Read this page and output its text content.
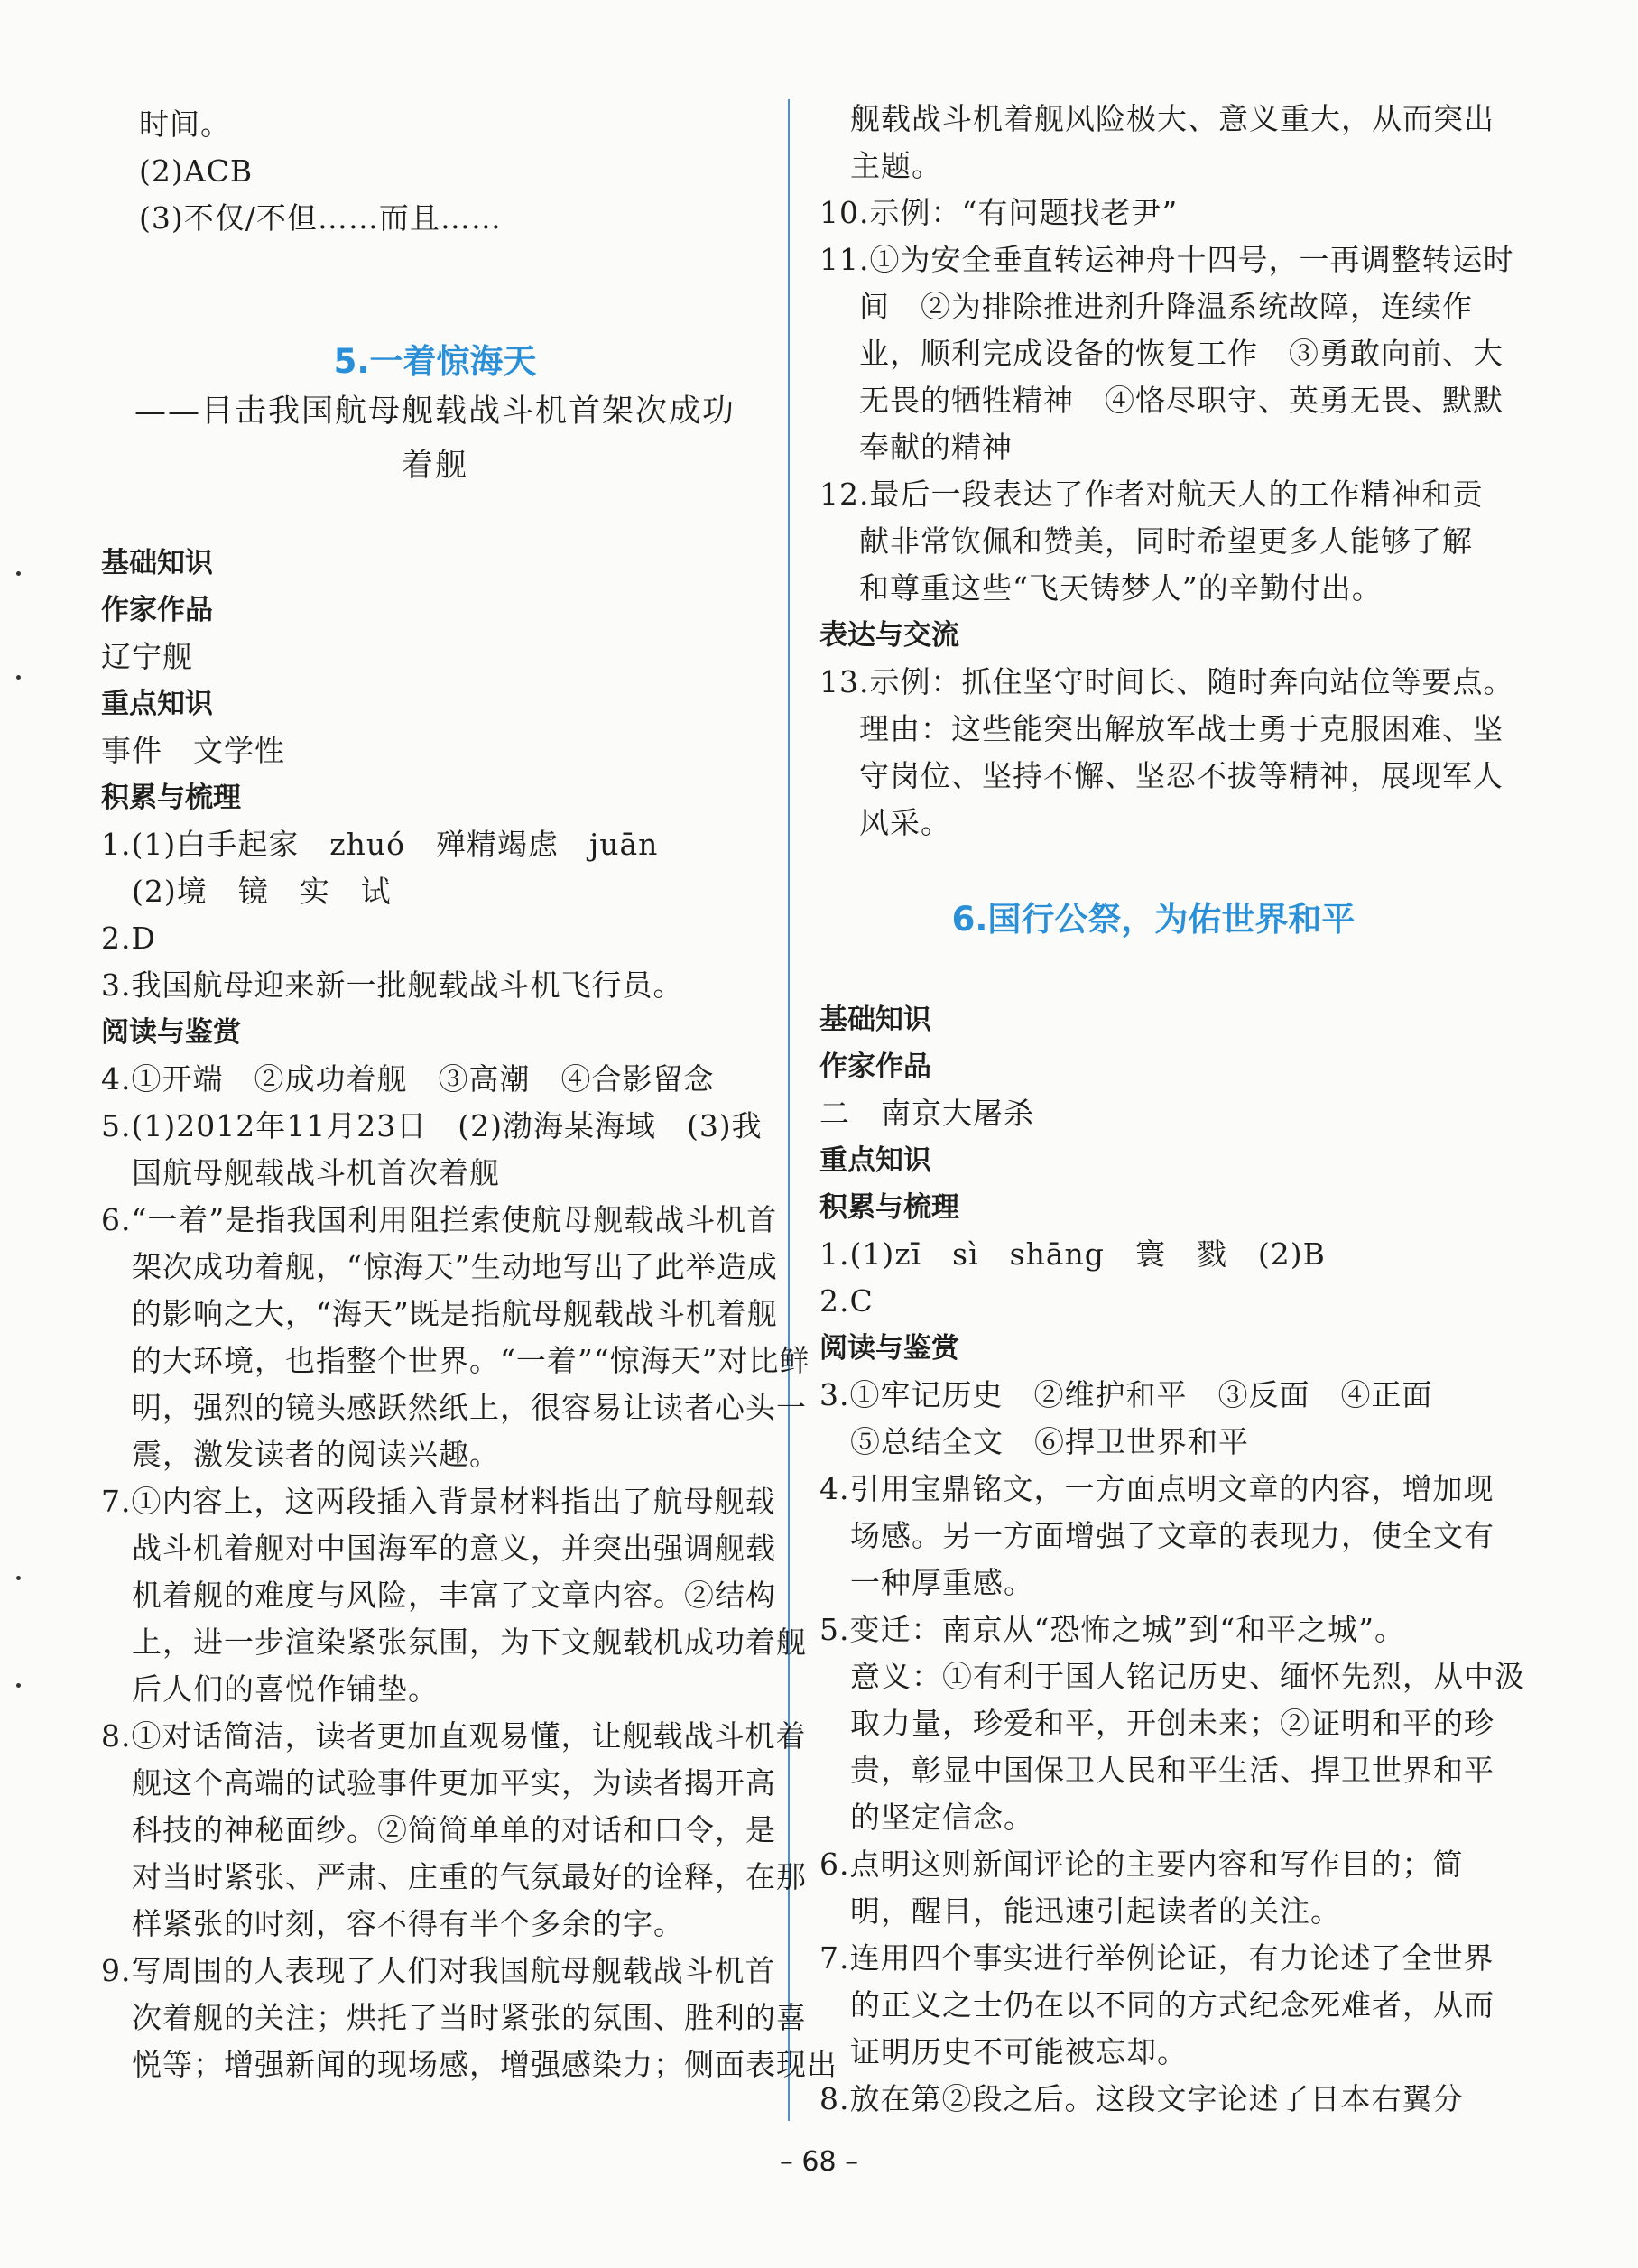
时间。
(2)ACB
(3)不仅/不但……而且……
5.一着惊海天
——目击我国航母舰载战斗机首架次成功
着舰
基础知识
作家作品
辽宁舰
重点知识
事件　文学性
积累与梳理
1.(1)白手起家　zhuó　殚精竭虑　juān
(2)境　镜　实　试
2.D
3.我国航母迎来新一批舰载战斗机飞行员。
阅读与鉴赏
4.①开端　②成功着舰　③高潮　④合影留念
5.(1)2012年11月23日　(2)渤海某海域　(3)我
国航母舰载战斗机首次着舰
6.“一着”是指我国利用阻拦索使航母舰载战斗机首
架次成功着舰，“惊海天”生动地写出了此举造成
的影响之大，“海天”既是指航母舰载战斗机着舰
的大环境，也指整个世界。“一着”“惊海天”对比鲜
明，强烈的镜头感跃然纸上，很容易让读者心头一
震，激发读者的阅读兴趣。
7.①内容上，这两段插入背景材料指出了航母舰载
战斗机着舰对中国海军的意义，并突出强调舰载
机着舰的难度与风险，丰富了文章内容。②结构
上，进一步渲染紧张氛围，为下文舰载机成功着舰
后人们的喜悦作铺垫。
8.①对话简洁，读者更加直观易懂，让舰载战斗机着
舰这个高端的试验事件更加平实，为读者揭开高
科技的神秘面纱。②简简单单的对话和口令，是
对当时紧张、严肃、庄重的气氛最好的诠释，在那
样紧张的时刻，容不得有半个多余的字。
9.写周围的人表现了人们对我国航母舰载战斗机首
次着舰的关注；烘托了当时紧张的氛围、胜利的喜
悦等；增强新闻的现场感，增强感染力；侧面表现出
舰载战斗机着舰风险极大、意义重大，从而突出
主题。
10.示例：“有问题找老尹”
11.①为安全垂直转运神舟十四号，一再调整转运时
间　②为排除推进剂升降温系统故障，连续作
业，顺利完成设备的恢复工作　③勇敢向前、大
无畏的牺牲精神　④恪尽职守、英勇无畏、默默
奉献的精神
12.最后一段表达了作者对航天人的工作精神和贡
献非常钦佩和赞美，同时希望更多人能够了解
和尊重这些“飞天铸梦人”的辛勤付出。
表达与交流
13.示例：抓住坚守时间长、随时奔向站位等要点。
理由：这些能突出解放军战士勇于克服困难、坚
守岗位、坚持不懈、坚忍不拔等精神，展现军人
风采。
6.国行公祭，为佑世界和平
基础知识
作家作品
二　南京大屠杀
重点知识
积累与梳理
1.(1)zī　sì　shāng　寰　戮　(2)B
2.C
阅读与鉴赏
3.①牢记历史　②维护和平　③反面　④正面
⑤总结全文　⑥捍卫世界和平
4.引用宝鼎铭文，一方面点明文章的内容，增加现
场感。另一方面增强了文章的表现力，使全文有
一种厚重感。
5.变迁：南京从“恐怖之城”到“和平之城”。
意义：①有利于国人铭记历史、缅怀先烈，从中汲
取力量，珍爱和平，开创未来；②证明和平的珍
贵，彰显中国保卫人民和平生活、捍卫世界和平
的坚定信念。
6.点明这则新闻评论的主要内容和写作目的；简
明，醒目，能迅速引起读者的关注。
7.连用四个事实进行举例论证，有力论述了全世界
的正义之士仍在以不同的方式纪念死难者，从而
证明历史不可能被忘却。
8.放在第②段之后。这段文字论述了日本右翼分
– 68 –
